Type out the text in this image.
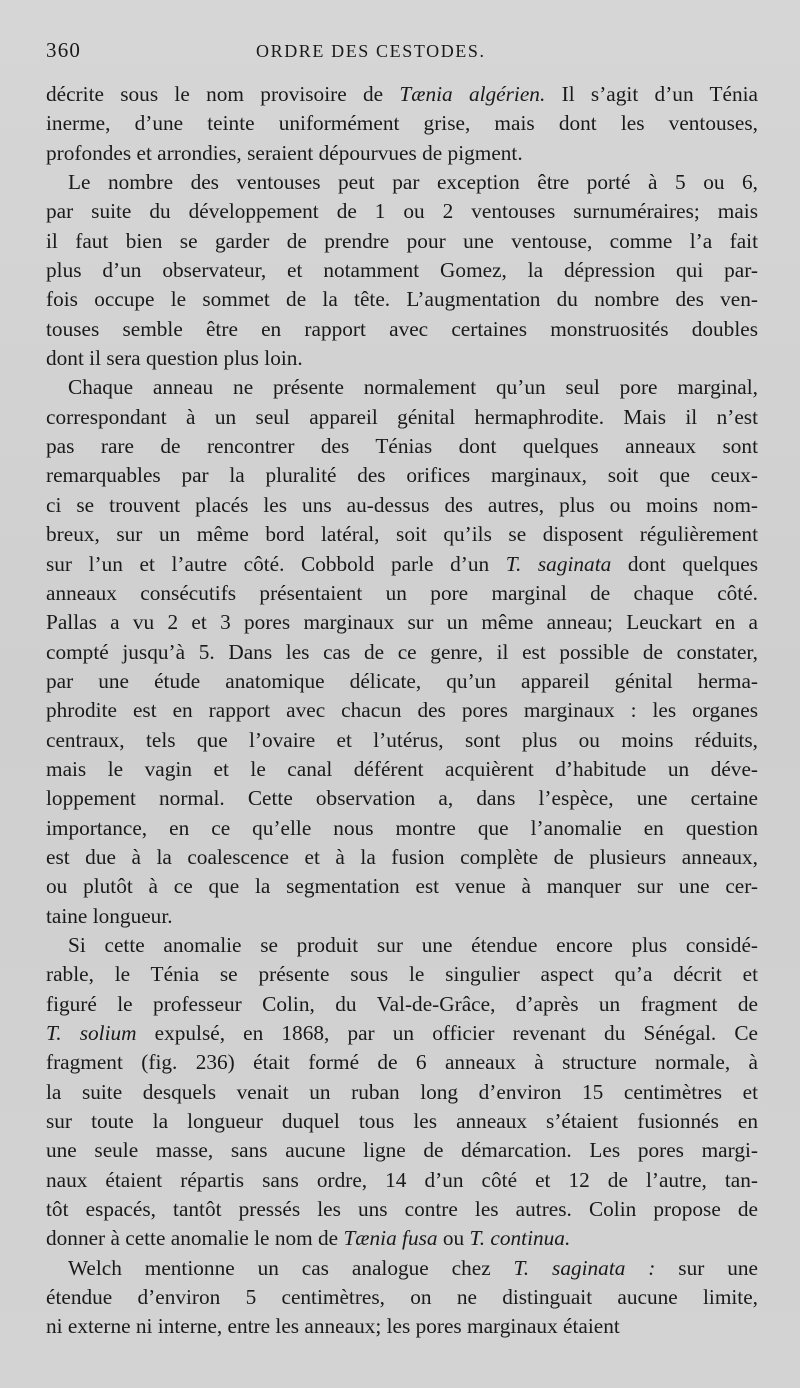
360	ORDRE DES CESTODES.
décrite sous le nom provisoire de Tænia algérien. Il s’agit d’un Ténia
inerme, d’une teinte uniformément grise, mais dont les ventouses,
profondes et arrondies, seraient dépourvues de pigment.
Le nombre des ventouses peut par exception être porté à 5 ou 6,
par suite du développement de 1 ou 2 ventouses surnuméraires; mais
il faut bien se garder de prendre pour une ventouse, comme l’a fait
plus d’un observateur, et notamment Gomez, la dépression qui par-
fois occupe le sommet de la tête. L’augmentation du nombre des ven-
touses semble être en rapport avec certaines monstruosités doubles
dont il sera question plus loin.
Chaque anneau ne présente normalement qu’un seul pore marginal,
correspondant à un seul appareil génital hermaphrodite. Mais il n’est
pas rare de rencontrer des Ténias dont quelques anneaux sont
remarquables par la pluralité des orifices marginaux, soit que ceux-
ci se trouvent placés les uns au-dessus des autres, plus ou moins nom-
breux, sur un même bord latéral, soit qu’ils se disposent régulièrement
sur l’un et l’autre côté. Cobbold parle d’un T. saginata dont quelques
anneaux consécutifs présentaient un pore marginal de chaque côté.
Pallas a vu 2 et 3 pores marginaux sur un même anneau; Leuckart en a
compté jusqu’à 5. Dans les cas de ce genre, il est possible de constater,
par une étude anatomique délicate, qu’un appareil génital herma-
phrodite est en rapport avec chacun des pores marginaux : les organes
centraux, tels que l’ovaire et l’utérus, sont plus ou moins réduits,
mais le vagin et le canal déférent acquièrent d’habitude un déve-
loppement normal. Cette observation a, dans l’espèce, une certaine
importance, en ce qu’elle nous montre que l’anomalie en question
est due à la coalescence et à la fusion complète de plusieurs anneaux,
ou plutôt à ce que la segmentation est venue à manquer sur une cer-
taine longueur.
Si cette anomalie se produit sur une étendue encore plus considé-
rable, le Ténia se présente sous le singulier aspect qu’a décrit et
figuré le professeur Colin, du Val-de-Grâce, d’après un fragment de
T. solium expulsé, en 1868, par un officier revenant du Sénégal. Ce
fragment (fig. 236) était formé de 6 anneaux à structure normale, à
la suite desquels venait un ruban long d’environ 15 centimètres et
sur toute la longueur duquel tous les anneaux s’étaient fusionnés en
une seule masse, sans aucune ligne de démarcation. Les pores margi-
naux étaient répartis sans ordre, 14 d’un côté et 12 de l’autre, tan-
tôt espacés, tantôt pressés les uns contre les autres. Colin propose de
donner à cette anomalie le nom de Tænia fusa ou T. continua.
Welch mentionne un cas analogue chez T. saginata : sur une
étendue d’environ 5 centimètres, on ne distinguait aucune limite,
ni externe ni interne, entre les anneaux; les pores marginaux étaient
